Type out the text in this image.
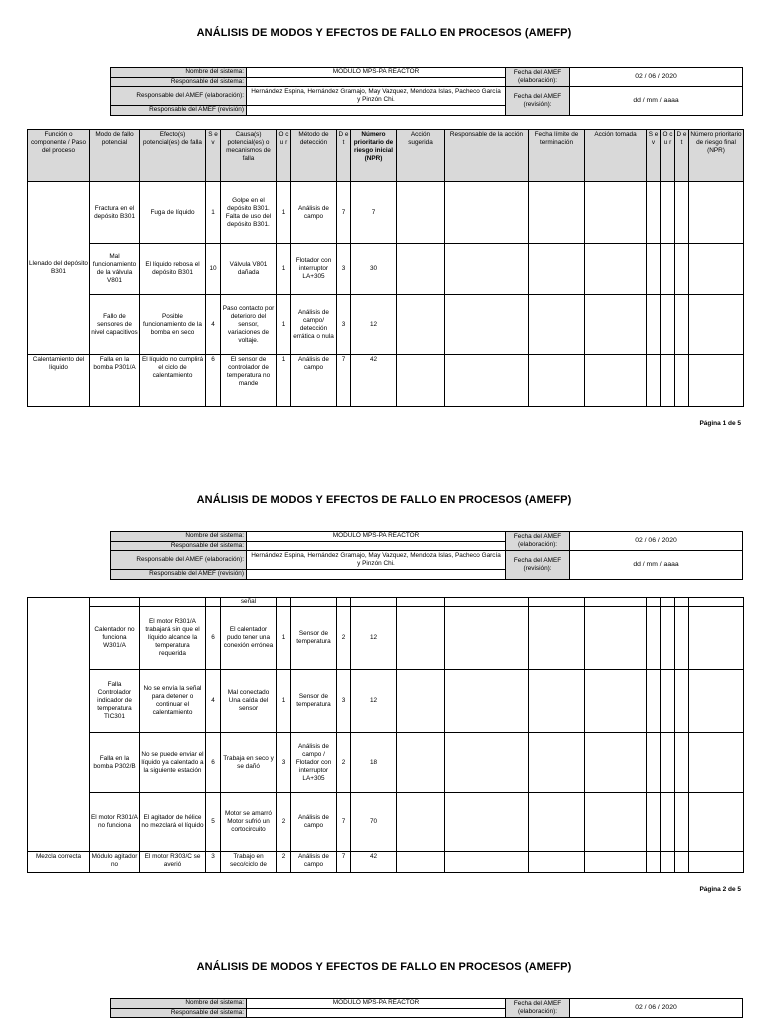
ANÁLISIS DE MODOS Y EFECTOS DE FALLO EN PROCESOS (AMEFP)
Nombre del sistema:	MÓDULO MPS-PA REACTOR	Fecha del AMEF (elaboración):	02 / 06 / 2020
Responsable del sistema:			
Responsable del AMEF (elaboración):	Hernández Espina, Hernández Gramajo, May Vazquez, Mendoza Islas, Pacheco García y Pinzón Chi.	Fecha del AMEF (revisión):	dd / mm / aaaa
Responsable del AMEF (revisión)			
Función o componente / Paso del proceso	Modo de fallo potencial	Efecto(s) potencial(es) de falla	S e v	Causa(s) potencial(es) o mecanismos de falla	O c u r	Método de detección	D e t	Número prioritario de riesgo inicial (NPR)	Acción sugerida	Responsable de la acción	Fecha límite de terminación	Acción tomada	S e v	O c u r	D e t	Número prioritario de riesgo final (NPR)
Llenado del depósito B301	Fractura en el depósito B301	Fuga de líquido	1	Golpe en el depósito B301. Falta de uso del depósito B301.	1	Análisis de campo	7	7								
	Mal funcionamiento de la válvula V801	El líquido rebosa el depósito B301	10	Válvula V801 dañada	1	Flotador con interruptor LA+305	3	30								
	Fallo de sensores de nivel capacitivos	Posible funcionamiento de la bomba en seco	4	Paso contacto por deterioro del sensor, variaciones de voltaje.	1	Análisis de campo/ detección errática o nula	3	12								
Calentamiento del líquido	Falla en la bomba P301/A	El líquido no cumplirá el ciclo de calentamiento	6	El sensor de controlador de temperatura no mande	1	Análisis de campo	7	42								
Página 1 de 5
ANÁLISIS DE MODOS Y EFECTOS DE FALLO EN PROCESOS (AMEFP)
Nombre del sistema:	MÓDULO MPS-PA REACTOR	Fecha del AMEF (elaboración):	02 / 06 / 2020
Responsable del sistema:			
Responsable del AMEF (elaboración):	Hernández Espina, Hernández Gramajo, May Vazquez, Mendoza Islas, Pacheco García y Pinzón Chi.	Fecha del AMEF (revisión):	dd / mm / aaaa
Responsable del AMEF (revisión)			
				señal												
	Calentador no funciona W301/A	El motor R301/A trabajará sin que el líquido alcance la temperatura requerida	6	El calentador pudo tener una conexión errónea	1	Sensor de temperatura	2	12								
	Falla Controlador indicador de temperatura TIC301	No se envía la señal para detener o continuar el calentamiento	4	Mal conectado Una caída del sensor	1	Sensor de temperatura	3	12								
	Falla en la bomba P302/B	No se puede enviar el líquido ya calentado a la siguiente estación	6	Trabaja en seco y se dañó	3	Análisis de campo / Flotador con interruptor LA+305	2	18								
	El motor R301/A no funciona	El agitador de hélice no mezclará el líquido	5	Motor se amarró Motor sufrió un cortocircuito	2	Análisis de campo	7	70								
Mezcla correcta	Módulo agitador no	El motor R303/C se averió	3	Trabajo en seco/ciclo de	2	Análisis de campo	7	42								
Página 2 de 5
ANÁLISIS DE MODOS Y EFECTOS DE FALLO EN PROCESOS (AMEFP)
Nombre del sistema:	MÓDULO MPS-PA REACTOR	Fecha del AMEF (elaboración):	02 / 06 / 2020
Responsable del sistema:			
